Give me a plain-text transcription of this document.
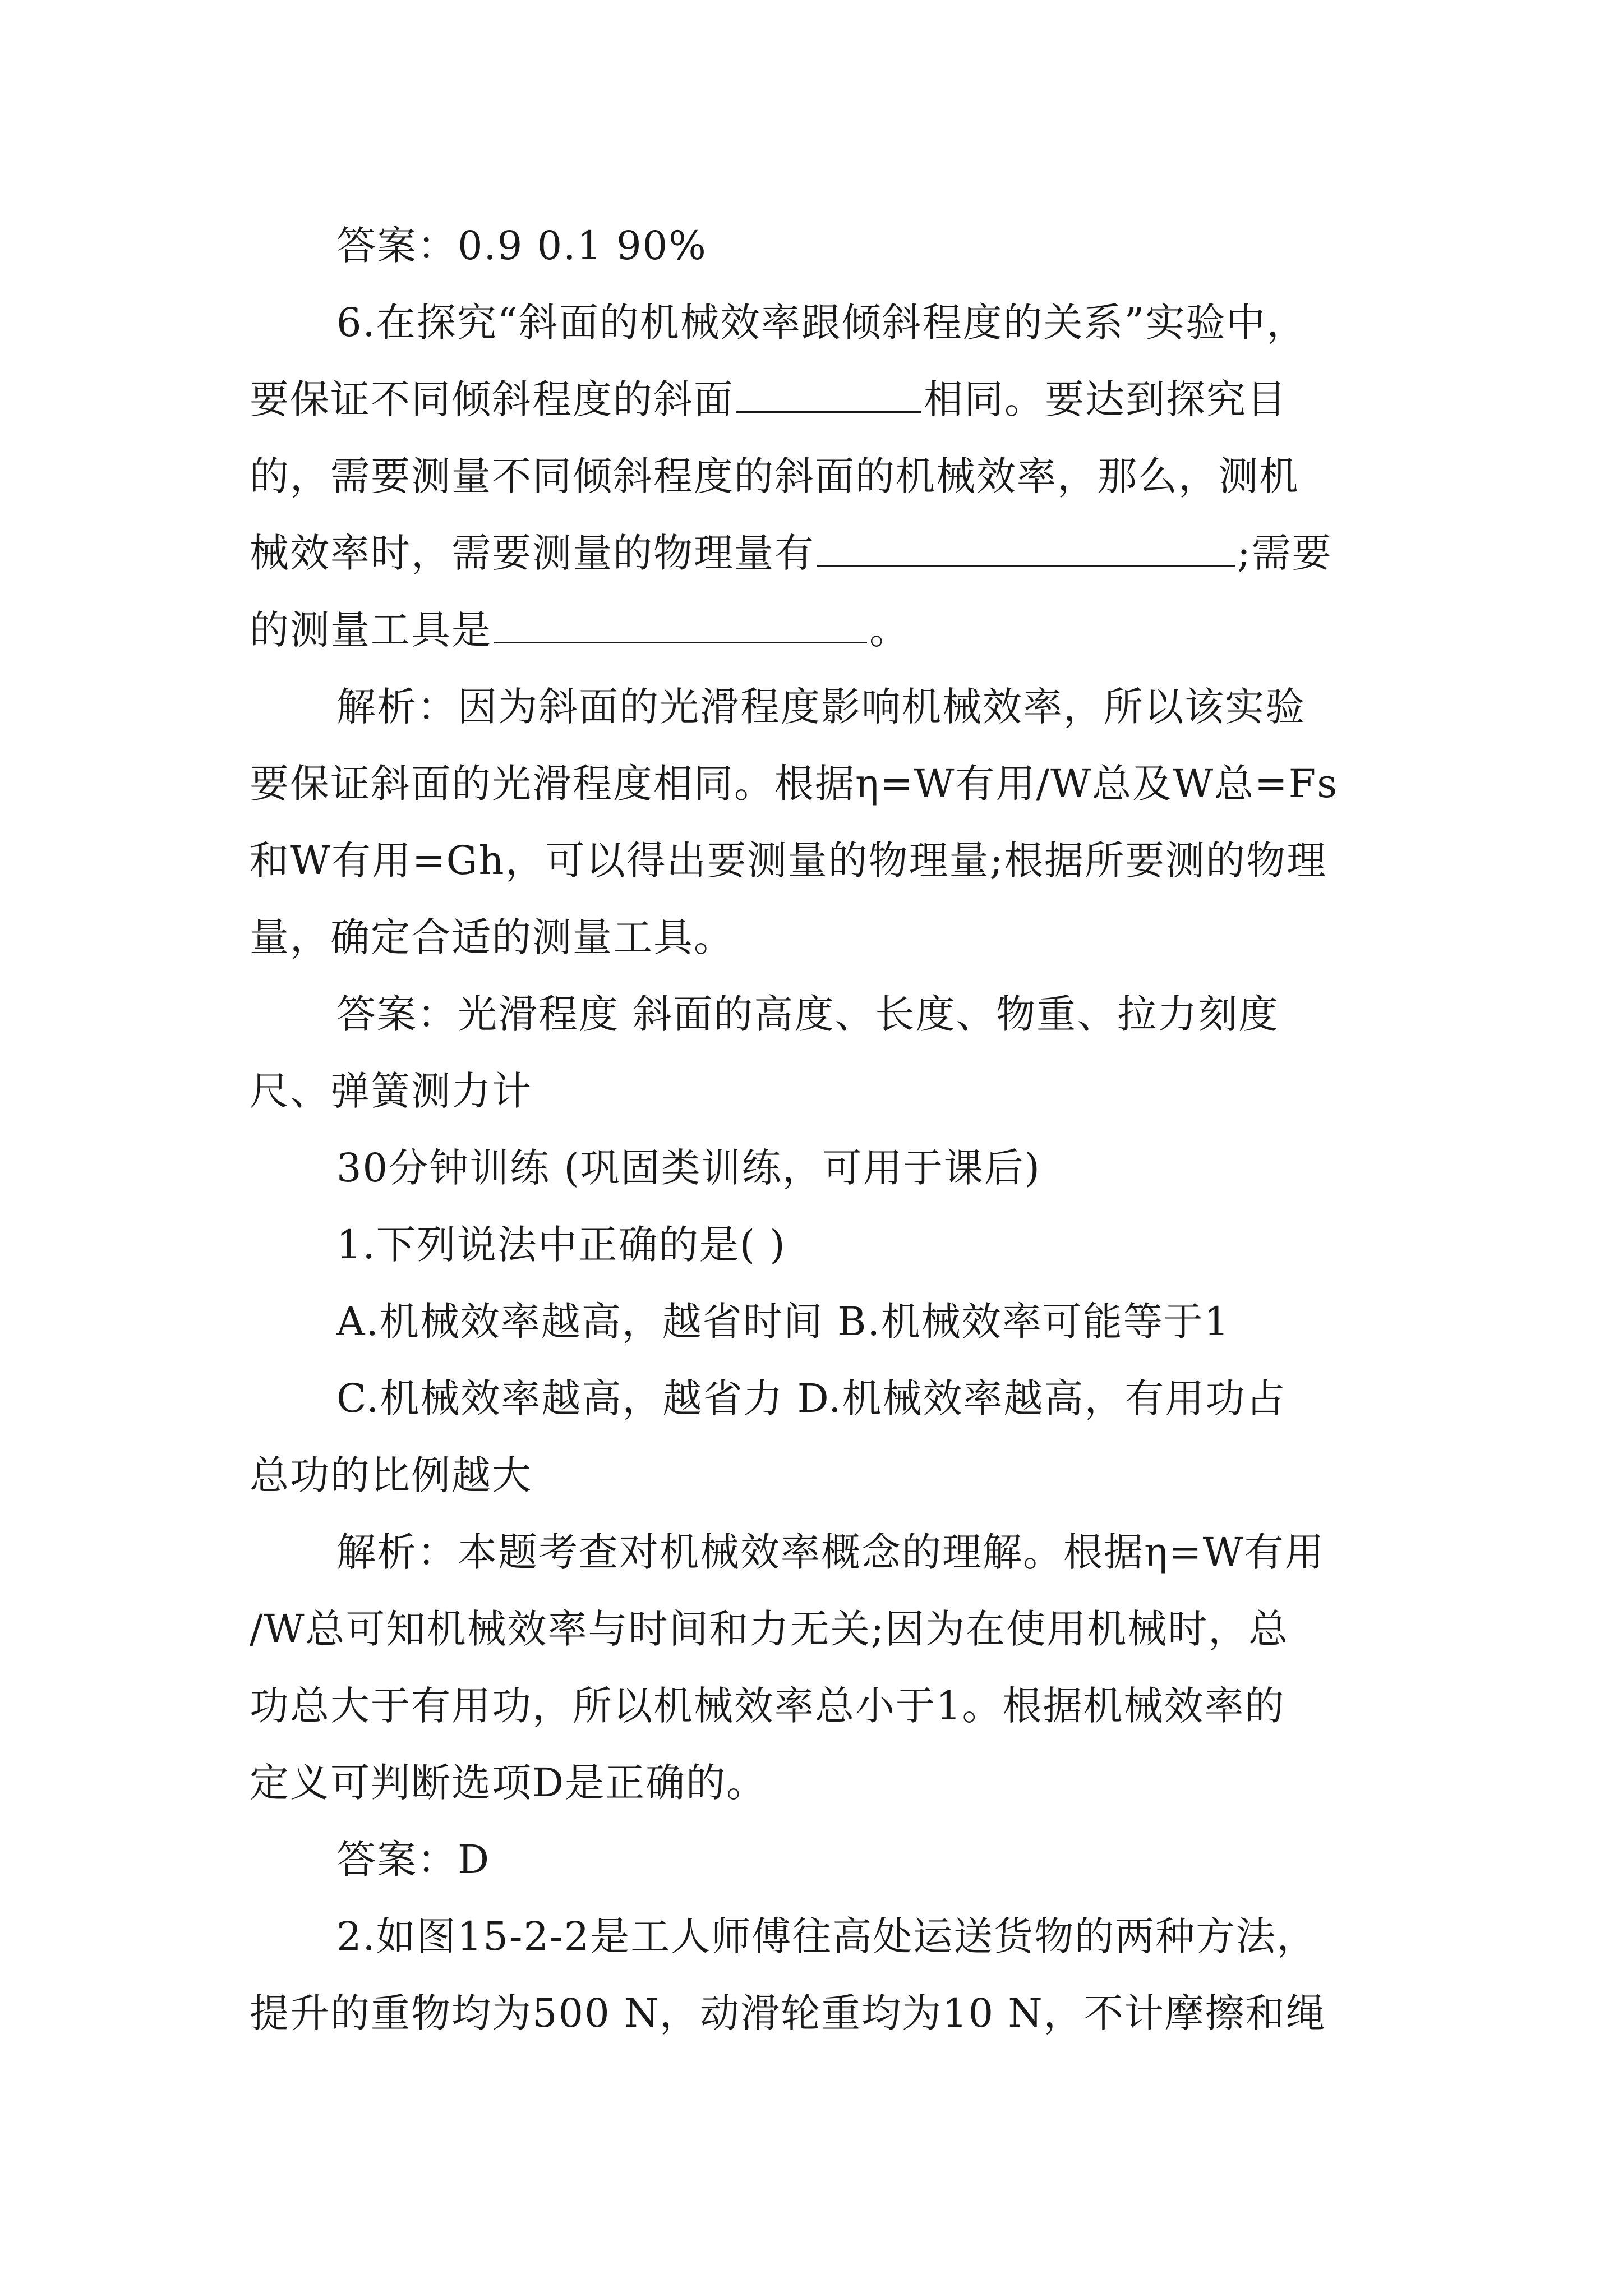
答案：0.9 0.1 90%
6.在探究“斜面的机械效率跟倾斜程度的关系”实验中，
要保证不同倾斜程度的斜面	相同。要达到探究目
的，需要测量不同倾斜程度的斜面的机械效率，那么，测机
械效率时，需要测量的物理量有	;需要
的测量工具是	。
解析：因为斜面的光滑程度影响机械效率，所以该实验
要保证斜面的光滑程度相同。根据η=W有用/W总及W总=Fs
和W有用=Gh，可以得出要测量的物理量;根据所要测的物理
量，确定合适的测量工具。
答案：光滑程度 斜面的高度、长度、物重、拉力刻度
尺、弹簧测力计
30分钟训练 (巩固类训练，可用于课后)
1.下列说法中正确的是( )
A.机械效率越高，越省时间 B.机械效率可能等于1
C.机械效率越高，越省力 D.机械效率越高，有用功占
总功的比例越大
解析：本题考查对机械效率概念的理解。根据η=W有用
/W总可知机械效率与时间和力无关;因为在使用机械时，总
功总大于有用功，所以机械效率总小于1。根据机械效率的
定义可判断选项D是正确的。
答案：D
2.如图15-2-2是工人师傅往高处运送货物的两种方法，
提升的重物均为500 N，动滑轮重均为10 N，不计摩擦和绳
